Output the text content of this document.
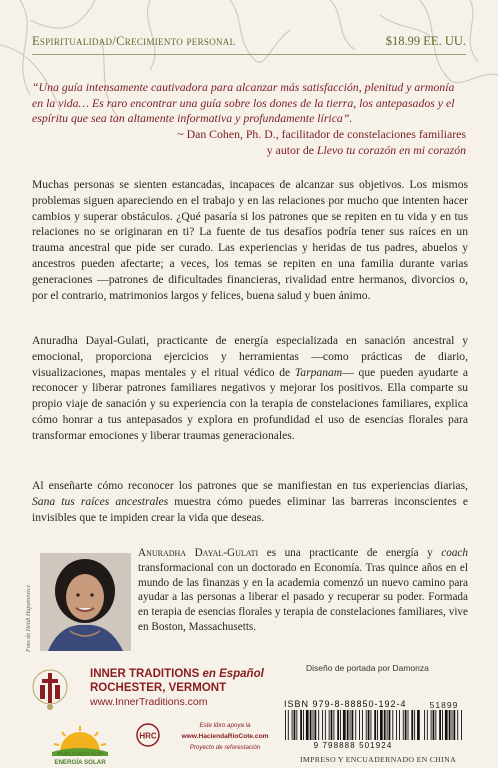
Espiritualidad/Crecimiento personal	$18.99 EE. UU.
“Una guía intensamente cautivadora para alcanzar más satisfacción, plenitud y armonía en la vida… Es raro encontrar una guía sobre los dones de la tierra, los antepasados y el espíritu que sea tan altamente informativa y profundamente lírica”.
~ Dan Cohen, Ph. D., facilitador de constelaciones familiares
y autor de Llevo tu corazón en mi corazón
Muchas personas se sienten estancadas, incapaces de alcanzar sus objetivos. Los mismos problemas siguen apareciendo en el trabajo y en las relaciones por mucho que intenten hacer cambios y superar obstáculos. ¿Qué pasaría si los patrones que se repiten en tu vida y en tus relaciones no se originaran en ti? La fuente de tus desafíos podría tener sus raíces en un trauma ancestral que pide ser curado. Las experiencias y heridas de tus padres, abuelos y ancestros pueden afectarte; a veces, los temas se repiten en una familia durante varias generaciones —patrones de dificultades financieras, rivalidad entre hermanos, divorcios o, por el contrario, matrimonios largos y felices, buena salud y buen ánimo.
Anuradha Dayal-Gulati, practicante de energía especializada en sanación ancestral y emocional, proporciona ejercicios y herramientas —como prácticas de diario, visualizaciones, mapas mentales y el ritual védico de Tarpanam— que pueden ayudarte a reconocer y liberar patrones familiares negativos y mejorar los positivos. Ella comparte su propio viaje de sanación y su experiencia con la terapia de constelaciones familiares, explica cómo honrar a tus antepasados y explora en profundidad el uso de esencias florales para transformar emociones y liberar traumas generacionales.
Al enseñarte cómo reconocer los patrones que se manifiestan en tus experiencias diarias, Sana tus raíces ancestrales muestra cómo puedes eliminar las barreras inconscientes e invisibles que te impiden crear la vida que deseas.
Foto de Heidi Hapanowicz
Anuradha Dayal-Gulati es una practicante de energía y coach transformacional con un doctorado en Economía. Tras quince años en el mundo de las finanzas y en la academia comenzó un nuevo camino para ayudar a las personas a liberar el pasado y recuperar su poder. Formada en terapia de esencias florales y terapia de constelaciones familiares, vive en Boston, Massachusetts.
INNER TRADITIONS en Español
ROCHESTER, VERMONT
www.InnerTraditions.com
Diseño de portada por Damonza
ISBN 979-8-88850-192-4
9 798888 501924
51899
IMPRESO Y ENCUADERNADO EN CHINA
PUBLICADO CON
ENERGÍA SOLAR
HRC
Este libro apoya la
www.HaciendaRioCote.com
Proyecto de reforestación
